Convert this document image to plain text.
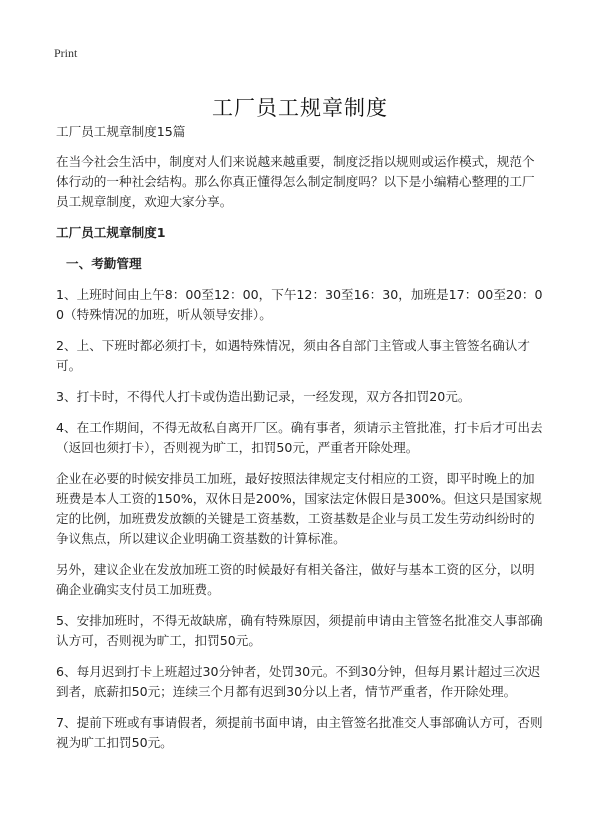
Print
工厂员工规章制度

工厂员工规章制度15篇

在当今社会生活中，制度对人们来说越来越重要，制度泛指以规则或运作模式，规范个体行动的一种社会结构。那么你真正懂得怎么制定制度吗？以下是小编精心整理的工厂员工规章制度，欢迎大家分享。

工厂员工规章制度1

一、考勤管理

1、上班时间由上午8：00至12：00，下午12：30至16：30，加班是17：00至20：00（特殊情况的加班，听从领导安排）。

2、上、下班时都必须打卡，如遇特殊情况，须由各自部门主管或人事主管签名确认才可。

3、打卡时，不得代人打卡或伪造出勤记录，一经发现，双方各扣罚20元。

4、在工作期间，不得无故私自离开厂区。确有事者，须请示主管批准，打卡后才可出去（返回也须打卡），否则视为旷工，扣罚50元，严重者开除处理。

企业在必要的时候安排员工加班，最好按照法律规定支付相应的工资，即平时晚上的加班费是本人工资的150%，双休日是200%，国家法定休假日是300%。但这只是国家规定的比例，加班费发放额的关键是工资基数，工资基数是企业与员工发生劳动纠纷时的争议焦点，所以建议企业明确工资基数的计算标准。

另外，建议企业在发放加班工资的时候最好有相关备注，做好与基本工资的区分，以明确企业确实支付员工加班费。

5、安排加班时，不得无故缺席，确有特殊原因，须提前申请由主管签名批准交人事部确认方可，否则视为旷工，扣罚50元。

6、每月迟到打卡上班超过30分钟者，处罚30元。不到30分钟，但每月累计超过三次迟到者，底薪扣50元；连续三个月都有迟到30分以上者，情节严重者，作开除处理。

7、提前下班或有事请假者，须提前书面申请，由主管签名批准交人事部确认方可，否则视为旷工扣罚50元。
